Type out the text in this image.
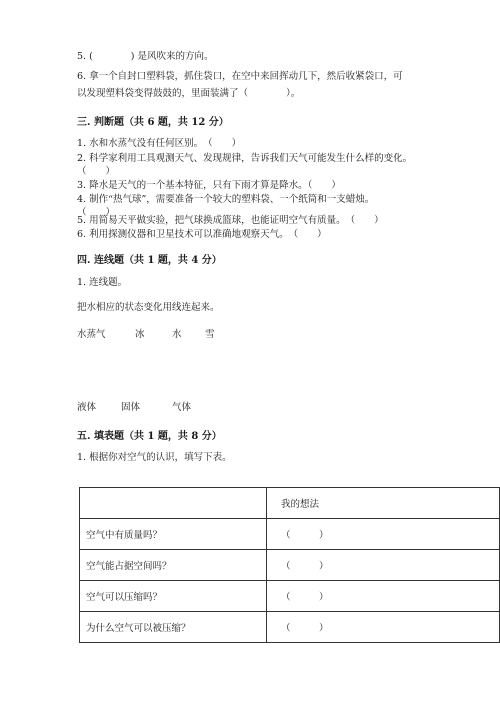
5. (　　　　) 是风吹来的方向。
6. 拿一个自封口塑料袋，抓住袋口，在空中来回挥动几下，然后收紧袋口，可
以发现塑料袋变得鼓鼓的，里面装满了（　　　　）。
三. 判断题（共 6 题，共 12 分）
1. 水和水蒸气没有任何区别。　（　　）
2. 科学家利用工具观测天气、发现规律，告诉我们天气可能发生什么样的变化。
（　　）
3. 降水是天气的一个基本特征，只有下雨才算是降水。（　　）
4. 制作“热气球”，需要准备一个较大的塑料袋、一个纸筒和一支蜡烛。
（　　）
5. 用简易天平做实验，把气球换成篮球，也能证明空气有质量。　（　　）
6. 利用探测仪器和卫星技术可以准确地观察天气。　（　　）
四. 连线题（共 1 题，共 4 分）
1. 连线题。
把水相应的状态变化用线连起来。
水蒸气	冰	水 雪
液体	固体	气体
五. 填表题（共 1 题，共 8 分）
1. 根据你对空气的认识，填写下表。
	我的想法
空气中有质量吗？	（　　　）
空气能占据空间吗？	（　　　）
空气可以压缩吗？	（　　　）
为什么空气可以被压缩？	（　　　）
